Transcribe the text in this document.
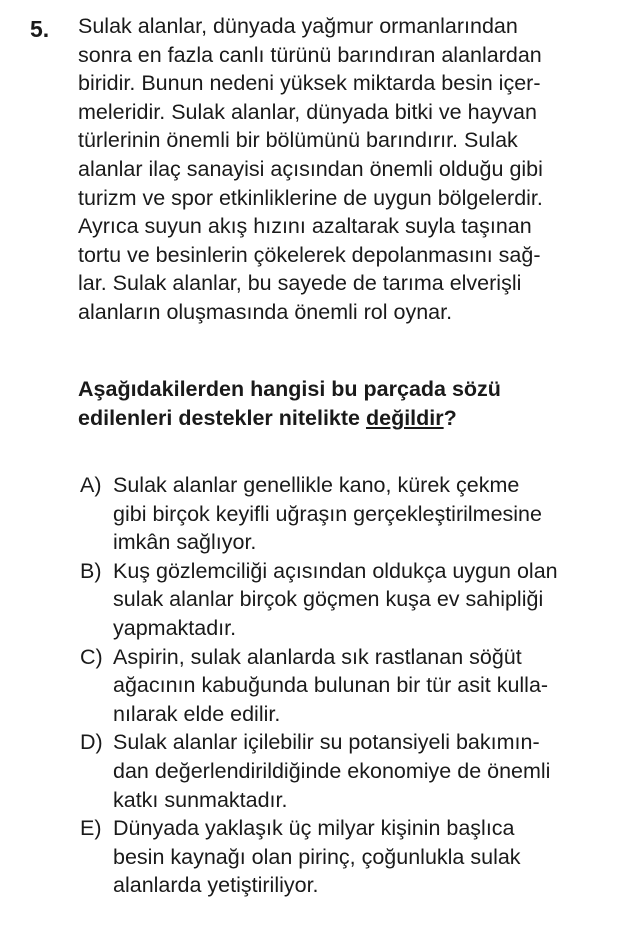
5. Sulak alanlar, dünyada yağmur ormanlarından
sonra en fazla canlı türünü barındıran alanlardan
biridir. Bunun nedeni yüksek miktarda besin içer-
meleridir. Sulak alanlar, dünyada bitki ve hayvan
türlerinin önemli bir bölümünü barındırır. Sulak
alanlar ilaç sanayisi açısından önemli olduğu gibi
turizm ve spor etkinliklerine de uygun bölgelerdir.
Ayrıca suyun akış hızını azaltarak suyla taşınan
tortu ve besinlerin çökelerek depolanmasını sağ-
lar. Sulak alanlar, bu sayede de tarıma elverişli
alanların oluşmasında önemli rol oynar.
Aşağıdakilerden hangisi bu parçada sözü
edilenleri destekler nitelikte değildir?
A) Sulak alanlar genellikle kano, kürek çekme
gibi birçok keyifli uğraşın gerçekleştirilmesine
imkân sağlıyor.
B) Kuş gözlemciliği açısından oldukça uygun olan
sulak alanlar birçok göçmen kuşa ev sahipliği
yapmaktadır.
C) Aspirin, sulak alanlarda sık rastlanan söğüt
ağacının kabuğunda bulunan bir tür asit kulla-
nılarak elde edilir.
D) Sulak alanlar içilebilir su potansiyeli bakımın-
dan değerlendirildiğinde ekonomiye de önemli
katkı sunmaktadır.
E) Dünyada yaklaşık üç milyar kişinin başlıca
besin kaynağı olan pirinç, çoğunlukla sulak
alanlarda yetiştiriliyor.
